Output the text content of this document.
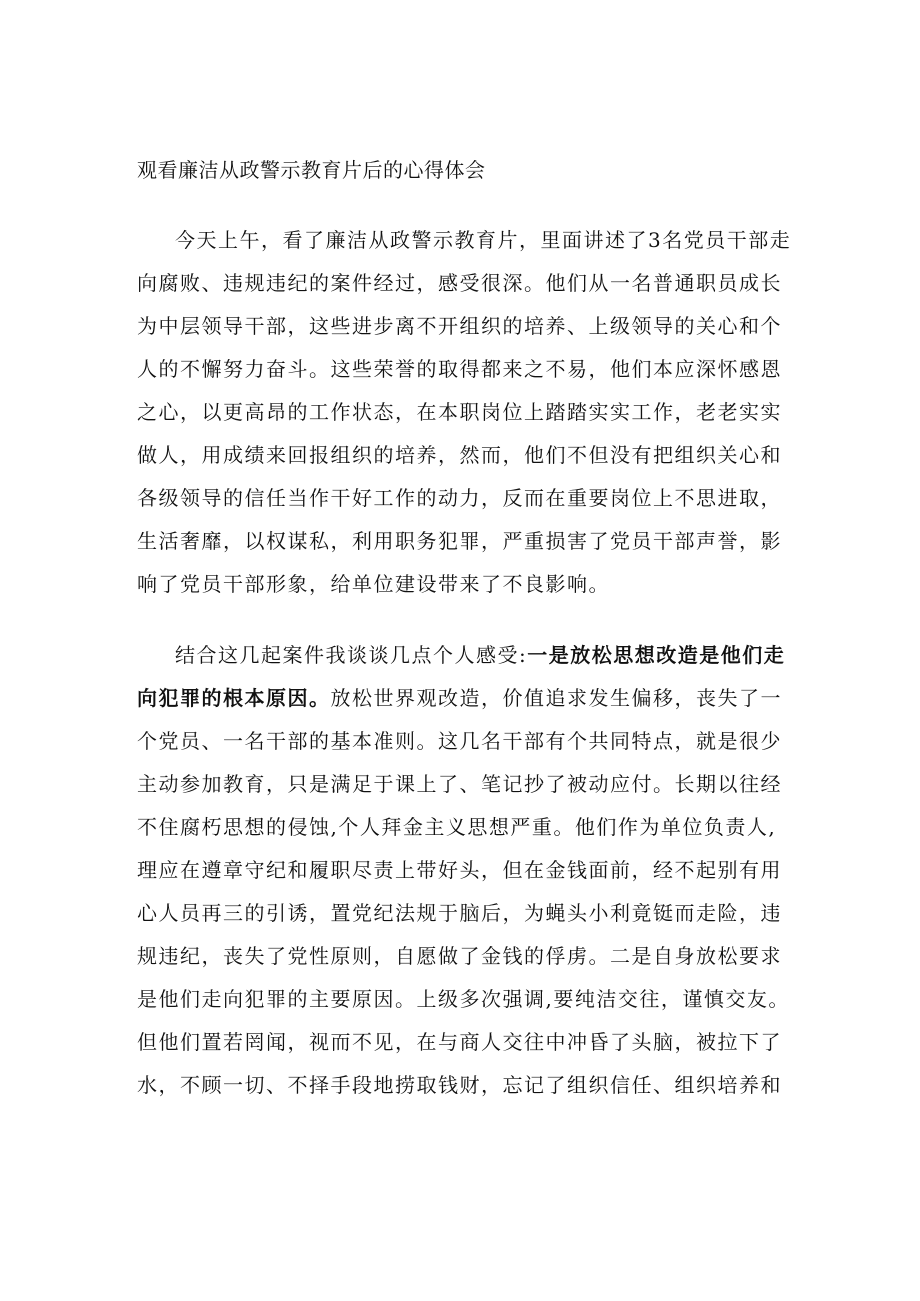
观看廉洁从政警示教育片后的心得体会
今天上午，看了廉洁从政警示教育片，里面讲述了3名党员干部走
向腐败、违规违纪的案件经过，感受很深。他们从一名普通职员成长
为中层领导干部，这些进步离不开组织的培养、上级领导的关心和个
人的不懈努力奋斗。这些荣誉的取得都来之不易，他们本应深怀感恩
之心，以更高昂的工作状态，在本职岗位上踏踏实实工作，老老实实
做人，用成绩来回报组织的培养，然而，他们不但没有把组织关心和
各级领导的信任当作干好工作的动力，反而在重要岗位上不思进取，
生活奢靡，以权谋私，利用职务犯罪，严重损害了党员干部声誉，影
响了党员干部形象，给单位建设带来了不良影响。
结合这几起案件我谈谈几点个人感受:一是放松思想改造是他们走
向犯罪的根本原因。放松世界观改造，价值追求发生偏移，丧失了一
个党员、一名干部的基本准则。这几名干部有个共同特点，就是很少
主动参加教育，只是满足于课上了、笔记抄了被动应付。长期以往经
不住腐朽思想的侵蚀,个人拜金主义思想严重。他们作为单位负责人,
理应在遵章守纪和履职尽责上带好头，但在金钱面前，经不起别有用
心人员再三的引诱，置党纪法规于脑后，为蝇头小利竟铤而走险，违
规违纪，丧失了党性原则，自愿做了金钱的俘虏。二是自身放松要求
是他们走向犯罪的主要原因。上级多次强调,要纯洁交往，谨慎交友。
但他们置若罔闻，视而不见，在与商人交往中冲昏了头脑，被拉下了
水，不顾一切、不择手段地捞取钱财，忘记了组织信任、组织培养和
